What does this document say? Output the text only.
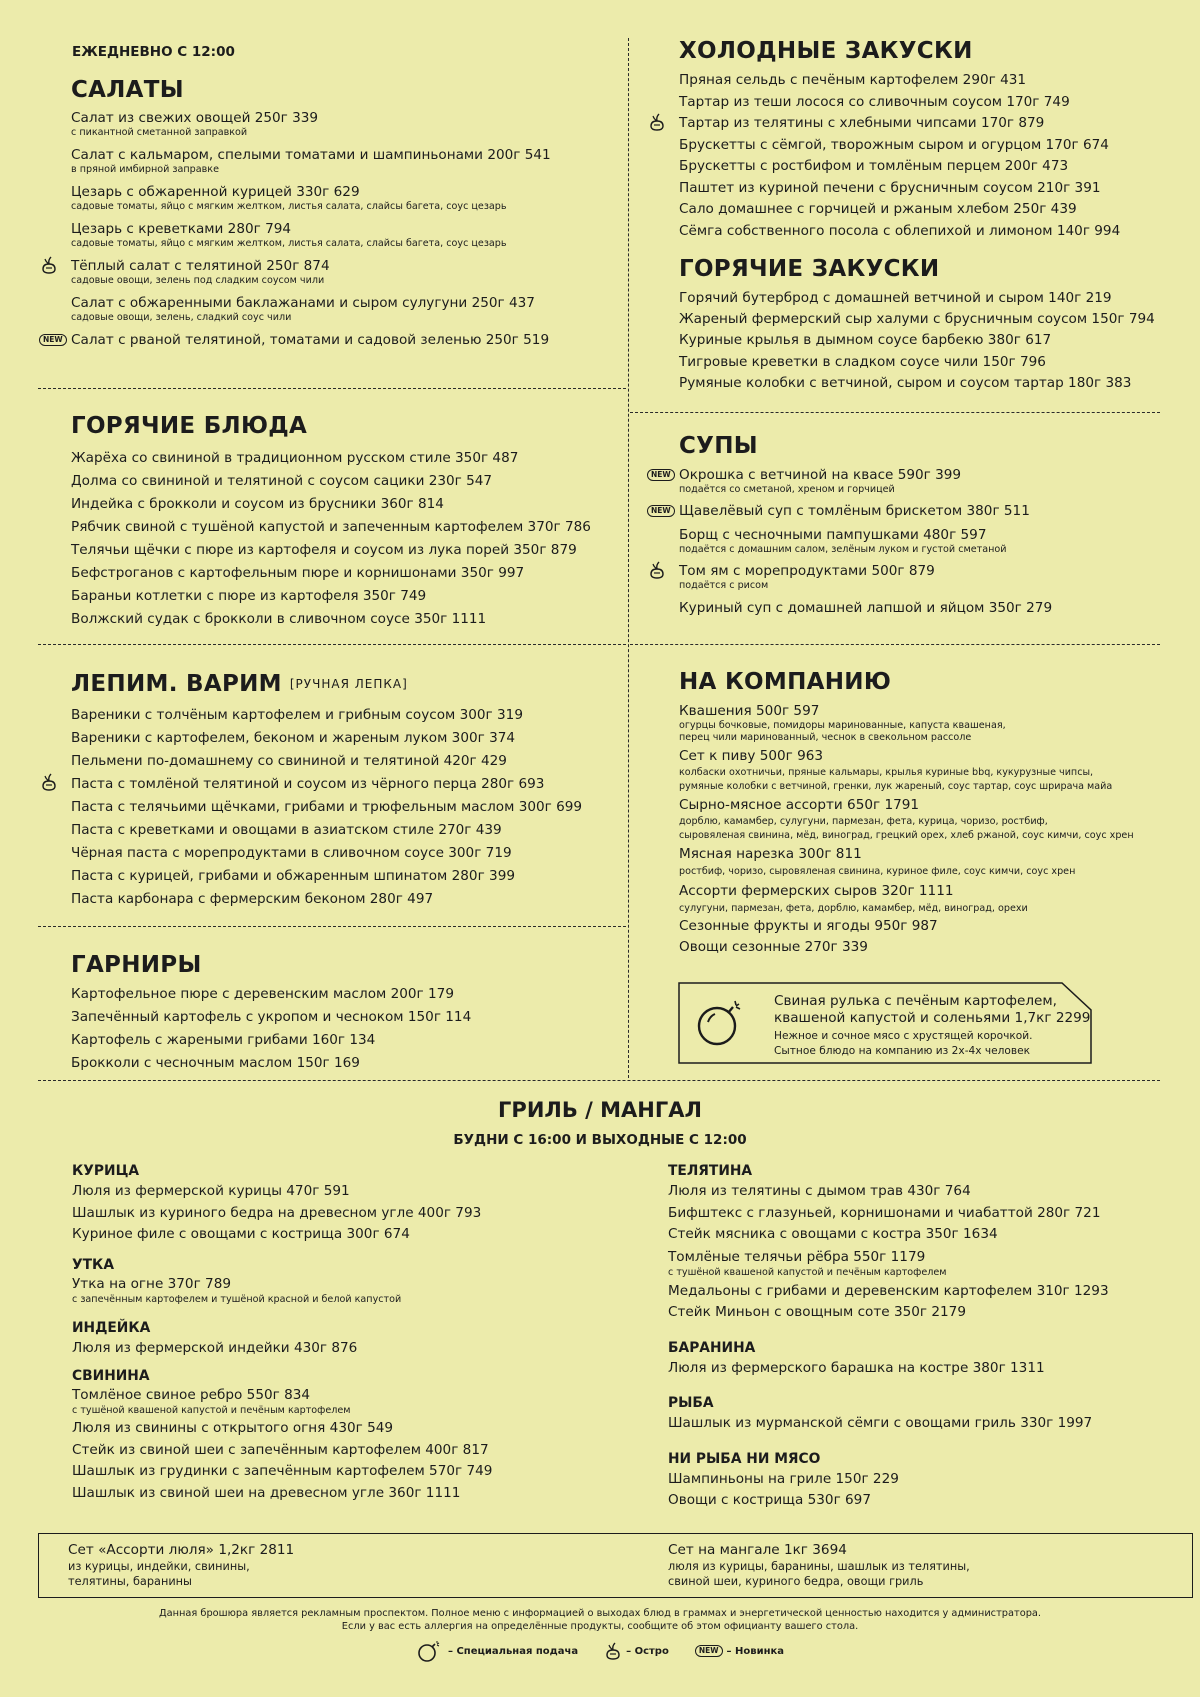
ЕЖЕДНЕВНО С 12:00
САЛАТЫ
Салат из свежих овощей 250г 339
с пикантной сметанной заправкой
Салат с кальмаром, спелыми томатами и шампиньонами 200г 541
в пряной имбирной заправке
Цезарь с обжаренной курицей 330г 629
садовые томаты, яйцо с мягким желтком, листья салата, слайсы багета, соус цезарь
Цезарь с креветками 280г 794
садовые томаты, яйцо с мягким желтком, листья салата, слайсы багета, соус цезарь
Тёплый салат с телятиной 250г 874
садовые овощи, зелень под сладким соусом чили
Салат с обжаренными баклажанами и сыром сулугуни 250г 437
садовые овощи, зелень, сладкий соус чили
NEW Салат с рваной телятиной, томатами и садовой зеленью 250г 519
ГОРЯЧИЕ БЛЮДА
Жарёха со свининой в традиционном русском стиле 350г 487
Долма со свининой и телятиной с соусом сацики 230г 547
Индейка с брокколи и соусом из брусники 360г 814
Рябчик свиной с тушёной капустой и запеченным картофелем 370г 786
Телячьи щёчки с пюре из картофеля и соусом из лука порей 350г 879
Бефстроганов с картофельным пюре и корнишонами 350г 997
Бараньи котлетки с пюре из картофеля 350г 749
Волжский судак с брокколи в сливочном соусе 350г 1111
ЛЕПИМ. ВАРИМ [РУЧНАЯ ЛЕПКА]
Вареники с толчёным картофелем и грибным соусом 300г 319
Вареники с картофелем, беконом и жареным луком 300г 374
Пельмени по-домашнему со свининой и телятиной 420г 429
Паста с томлёной телятиной и соусом из чёрного перца 280г 693
Паста с телячьими щёчками, грибами и трюфельным маслом 300г 699
Паста с креветками и овощами в азиатском стиле 270г 439
Чёрная паста с морепродуктами в сливочном соусе 300г 719
Паста с курицей, грибами и обжаренным шпинатом 280г 399
Паста карбонара с фермерским беконом 280г 497
ГАРНИРЫ
Картофельное пюре с деревенским маслом 200г 179
Запечённый картофель с укропом и чесноком 150г 114
Картофель с жареными грибами 160г 134
Брокколи с чесночным маслом 150г 169
ХОЛОДНЫЕ ЗАКУСКИ
Пряная сельдь с печёным картофелем 290г 431
Тартар из теши лосося со сливочным соусом 170г 749
Тартар из телятины с хлебными чипсами 170г 879
Брускетты с сёмгой, творожным сыром и огурцом 170г 674
Брускетты с ростбифом и томлёным перцем 200г 473
Паштет из куриной печени с брусничным соусом 210г 391
Сало домашнее с горчицей и ржаным хлебом 250г 439
Сёмга собственного посола с облепихой и лимоном 140г 994
ГОРЯЧИЕ ЗАКУСКИ
Горячий бутерброд с домашней ветчиной и сыром 140г 219
Жареный фермерский сыр халуми с брусничным соусом 150г 794
Куриные крылья в дымном соусе барбекю 380г 617
Тигровые креветки в сладком соусе чили 150г 796
Румяные колобки с ветчиной, сыром и соусом тартар 180г 383
СУПЫ
NEW Окрошка с ветчиной на квасе 590г 399
подаётся со сметаной, хреном и горчицей
NEW Щавелёвый суп с томлёным брискетом 380г 511
Борщ с чесночными пампушками 480г 597
подаётся с домашним салом, зелёным луком и густой сметаной
Том ям с морепродуктами 500г 879
подаётся с рисом
Куриный суп с домашней лапшой и яйцом 350г 279
НА КОМПАНИЮ
Квашения 500г 597
огурцы бочковые, помидоры маринованные, капуста квашеная,
перец чили маринованный, чеснок в свекольном рассоле
Сет к пиву 500г 963
колбаски охотничьи, пряные кальмары, крылья куриные bbq, кукурузные чипсы,
румяные колобки с ветчиной, гренки, лук жареный, соус тартар, соус шрирача майа
Сырно-мясное ассорти 650г 1791
дорблю, камамбер, сулугуни, пармезан, фета, курица, чоризо, ростбиф,
сыровяленая свинина, мёд, виноград, грецкий орех, хлеб ржаной, соус кимчи, соус хрен
Мясная нарезка 300г 811
ростбиф, чоризо, сыровяленая свинина, куриное филе, соус кимчи, соус хрен
Ассорти фермерских сыров 320г 1111
сулугуни, пармезан, фета, дорблю, камамбер, мёд, виноград, орехи
Сезонные фрукты и ягоды 950г 987
Овощи сезонные 270г 339
Свиная рулька с печёным картофелем,
квашеной капустой и соленьями 1,7кг 2299
Нежное и сочное мясо с хрустящей корочкой.
Сытное блюдо на компанию из 2х-4х человек
ГРИЛЬ / МАНГАЛ
БУДНИ С 16:00 И ВЫХОДНЫЕ С 12:00
КУРИЦА
Люля из фермерской курицы 470г 591
Шашлык из куриного бедра на древесном угле 400г 793
Куриное филе с овощами с кострища 300г 674
УТКА
Утка на огне 370г 789
с запечённым картофелем и тушёной красной и белой капустой
ИНДЕЙКА
Люля из фермерской индейки 430г 876
СВИНИНА
Томлёное свиное ребро 550г 834
с тушёной квашеной капустой и печёным картофелем
Люля из свинины с открытого огня 430г 549
Стейк из свиной шеи с запечённым картофелем 400г 817
Шашлык из грудинки с запечённым картофелем 570г 749
Шашлык из свиной шеи на древесном угле 360г 1111
ТЕЛЯТИНА
Люля из телятины с дымом трав 430г 764
Бифштекс с глазуньей, корнишонами и чиабаттой 280г 721
Стейк мясника с овощами с костра 350г 1634
Томлёные телячьи рёбра 550г 1179
с тушёной квашеной капустой и печёным картофелем
Медальоны с грибами и деревенским картофелем 310г 1293
Стейк Миньон с овощным соте 350г 2179
БАРАНИНА
Люля из фермерского барашка на костре 380г 1311
РЫБА
Шашлык из мурманской сёмги с овощами гриль 330г 1997
НИ РЫБА НИ МЯСО
Шампиньоны на гриле 150г 229
Овощи с кострища 530г 697
Сет «Ассорти люля» 1,2кг 2811
из курицы, индейки, свинины,
телятины, баранины
Сет на мангале 1кг 3694
люля из курицы, баранины, шашлык из телятины,
свиной шеи, куриного бедра, овощи гриль
Данная брошюра является рекламным проспектом. Полное меню с информацией о выходах блюд в граммах и энергетической ценностью находится у администратора.
Если у вас есть аллергия на определённые продукты, сообщите об этом официанту вашего стола.
– Специальная подача	– Остро	NEW – Новинка
